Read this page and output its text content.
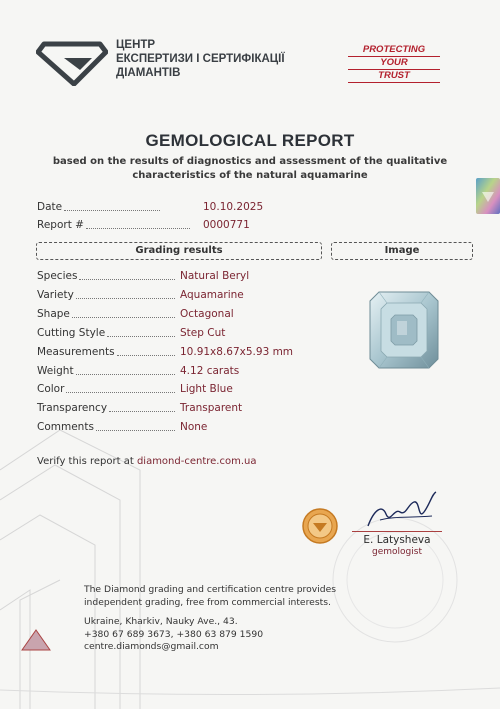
ЦЕНТР
ЕКСПЕРТИЗИ І СЕРТИФІКАЦІЇ
ДІАМАНТІВ
PROTECTING
YOUR
TRUST
GEMOLOGICAL REPORT
based on the results of diagnostics and assessment of the qualitative
characteristics of the natural aquamarine
Date	10.10.2025
Report #	0000771
Grading results	Image
Species	Natural Beryl
Variety	Aquamarine
Shape	Octagonal
Cutting Style	Step Cut
Measurements	10.91x8.67x5.93 mm
Weight	4.12 carats
Color	Light Blue
Transparency	Transparent
Comments	None
Verify this report at diamond-centre.com.ua
E. Latysheva
gemologist
The Diamond grading and certification centre provides
independent grading, free from commercial interests.
Ukraine, Kharkiv, Nauky Ave., 43.
+380 67 689 3673, +380 63 879 1590
centre.diamonds@gmail.com
